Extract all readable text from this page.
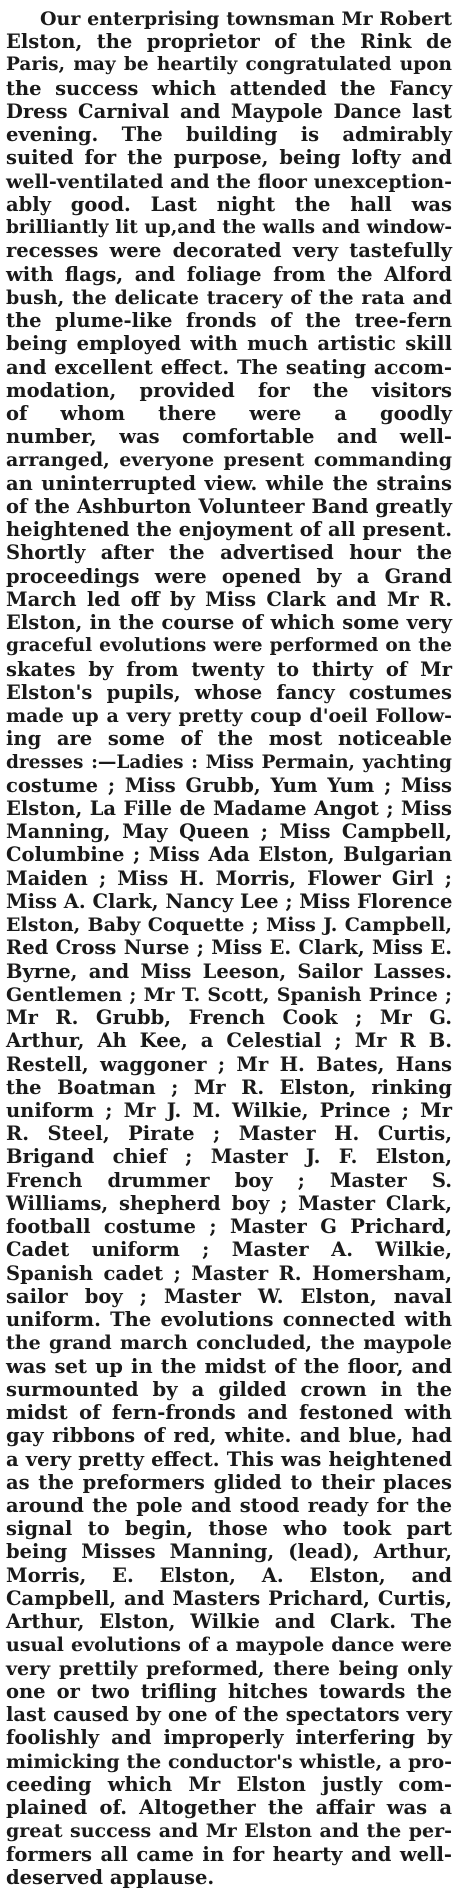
Our enterprising townsman Mr Robert
Elston, the proprietor of the Rink de
Paris, may be heartily congratulated upon
the success which attended the Fancy
Dress Carnival and Maypole Dance last
evening. The building is admirably
suited for the purpose, being lofty and
well-ventilated and the floor unexception-
ably good. Last night the hall was
brilliantly lit up,and the walls and window-
recesses were decorated very tastefully
with flags, and foliage from the Alford
bush, the delicate tracery of the rata and
the plume-like fronds of the tree-fern
being employed with much artistic skill
and excellent effect. The seating accom-
modation, provided for the visitors
of whom there were a goodly
number, was comfortable and well-
arranged, everyone present commanding
an uninterrupted view. while the strains
of the Ashburton Volunteer Band greatly
heightened the enjoyment of all present.
Shortly after the advertised hour the
proceedings were opened by a Grand
March led off by Miss Clark and Mr R.
Elston, in the course of which some very
graceful evolutions were performed on the
skates by from twenty to thirty of Mr
Elston's pupils, whose fancy costumes
made up a very pretty coup d'oeil Follow-
ing are some of the most noticeable
dresses :—Ladies : Miss Permain, yachting
costume ; Miss Grubb, Yum Yum ; Miss
Elston, La Fille de Madame Angot ; Miss
Manning, May Queen ; Miss Campbell,
Columbine ; Miss Ada Elston, Bulgarian
Maiden ; Miss H. Morris, Flower Girl ;
Miss A. Clark, Nancy Lee ; Miss Florence
Elston, Baby Coquette ; Miss J. Campbell,
Red Cross Nurse ; Miss E. Clark, Miss E.
Byrne, and Miss Leeson, Sailor Lasses.
Gentlemen ; Mr T. Scott, Spanish Prince ;
Mr R. Grubb, French Cook ; Mr G.
Arthur, Ah Kee, a Celestial ; Mr R B.
Restell, waggoner ; Mr H. Bates, Hans
the Boatman ; Mr R. Elston, rinking
uniform ; Mr J. M. Wilkie, Prince ; Mr
R. Steel, Pirate ; Master H. Curtis,
Brigand chief ; Master J. F. Elston,
French drummer boy ; Master S.
Williams, shepherd boy ; Master Clark,
football costume ; Master G Prichard,
Cadet uniform ; Master A. Wilkie,
Spanish cadet ; Master R. Homersham,
sailor boy ; Master W. Elston, naval
uniform. The evolutions connected with
the grand march concluded, the maypole
was set up in the midst of the floor, and
surmounted by a gilded crown in the
midst of fern-fronds and festoned with
gay ribbons of red, white. and blue, had
a very pretty effect. This was heightened
as the preformers glided to their places
around the pole and stood ready for the
signal to begin, those who took part
being Misses Manning, (lead), Arthur,
Morris, E. Elston, A. Elston, and
Campbell, and Masters Prichard, Curtis,
Arthur, Elston, Wilkie and Clark. The
usual evolutions of a maypole dance were
very prettily preformed, there being only
one or two trifling hitches towards the
last caused by one of the spectators very
foolishly and improperly interfering by
mimicking the conductor's whistle, a pro-
ceeding which Mr Elston justly com-
plained of. Altogether the affair was a
great success and Mr Elston and the per-
formers all came in for hearty and well-
deserved applause.
